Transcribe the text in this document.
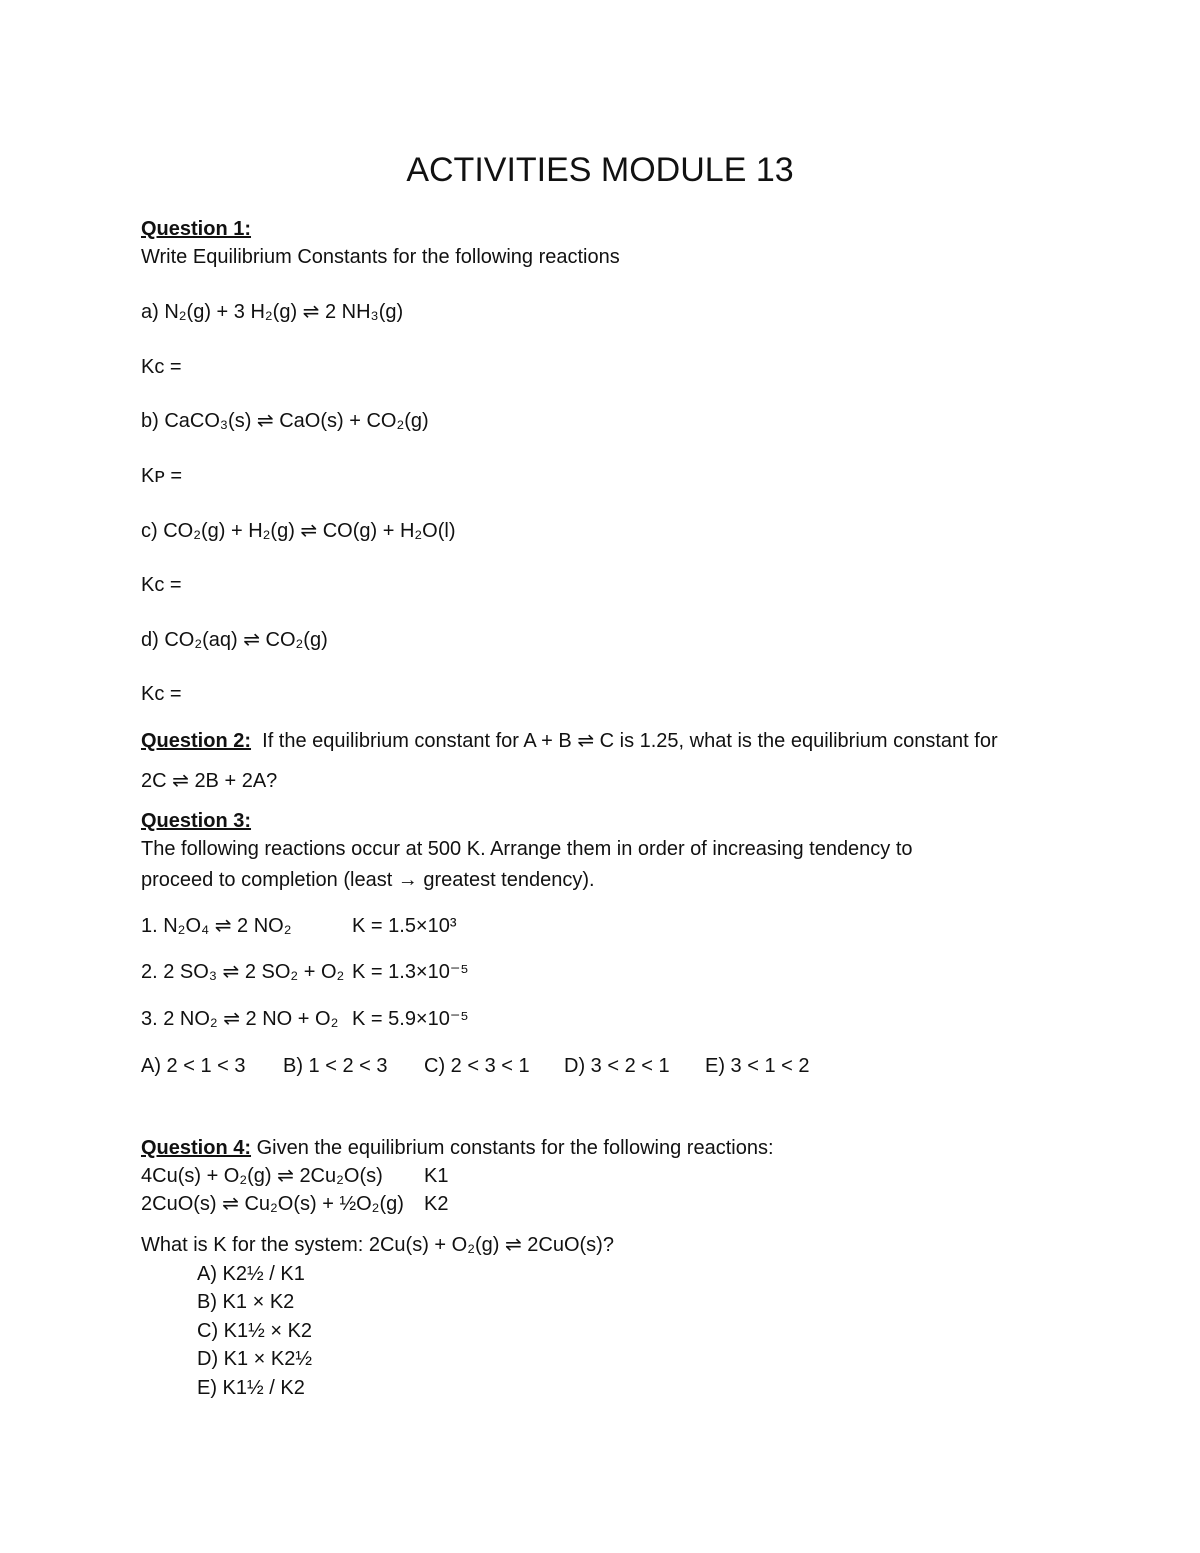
ACTIVITIES MODULE 13
Question 1:
Write Equilibrium Constants for the following reactions
a) N₂(g) + 3 H₂(g) ⇌ 2 NH₃(g)
Kᴄ =
b) CaCO₃(s) ⇌ CaO(s) + CO₂(g)
Kᴘ =
c) CO₂(g) + H₂(g) ⇌ CO(g) + H₂O(l)
Kᴄ =
d) CO₂(aq) ⇌ CO₂(g)
Kᴄ =
Question 2: If the equilibrium constant for A + B ⇌ C is 1.25, what is the equilibrium constant for
2C ⇌ 2B + 2A?
Question 3:
The following reactions occur at 500 K. Arrange them in order of increasing tendency to
proceed to completion (least → greatest tendency).
1. N₂O₄ ⇌ 2 NO₂	K = 1.5×10³
2. 2 SO₃ ⇌ 2 SO₂ + O₂ K = 1.3×10⁻⁵
3. 2 NO₂ ⇌ 2 NO + O₂ K = 5.9×10⁻⁵
A) 2 < 1 < 3 B) 1 < 2 < 3 C) 2 < 3 < 1 D) 3 < 2 < 1 E) 3 < 1 < 2
Question 4: Given the equilibrium constants for the following reactions:
4Cu(s) + O₂(g) ⇌ 2Cu₂O(s) K1
2CuO(s) ⇌ Cu₂O(s) + ½O₂(g) K2
What is K for the system: 2Cu(s) + O₂(g) ⇌ 2CuO(s)?
A) K2½ / K1
B) K1 × K2
C) K1½ × K2
D) K1 × K2½
E) K1½ / K2
